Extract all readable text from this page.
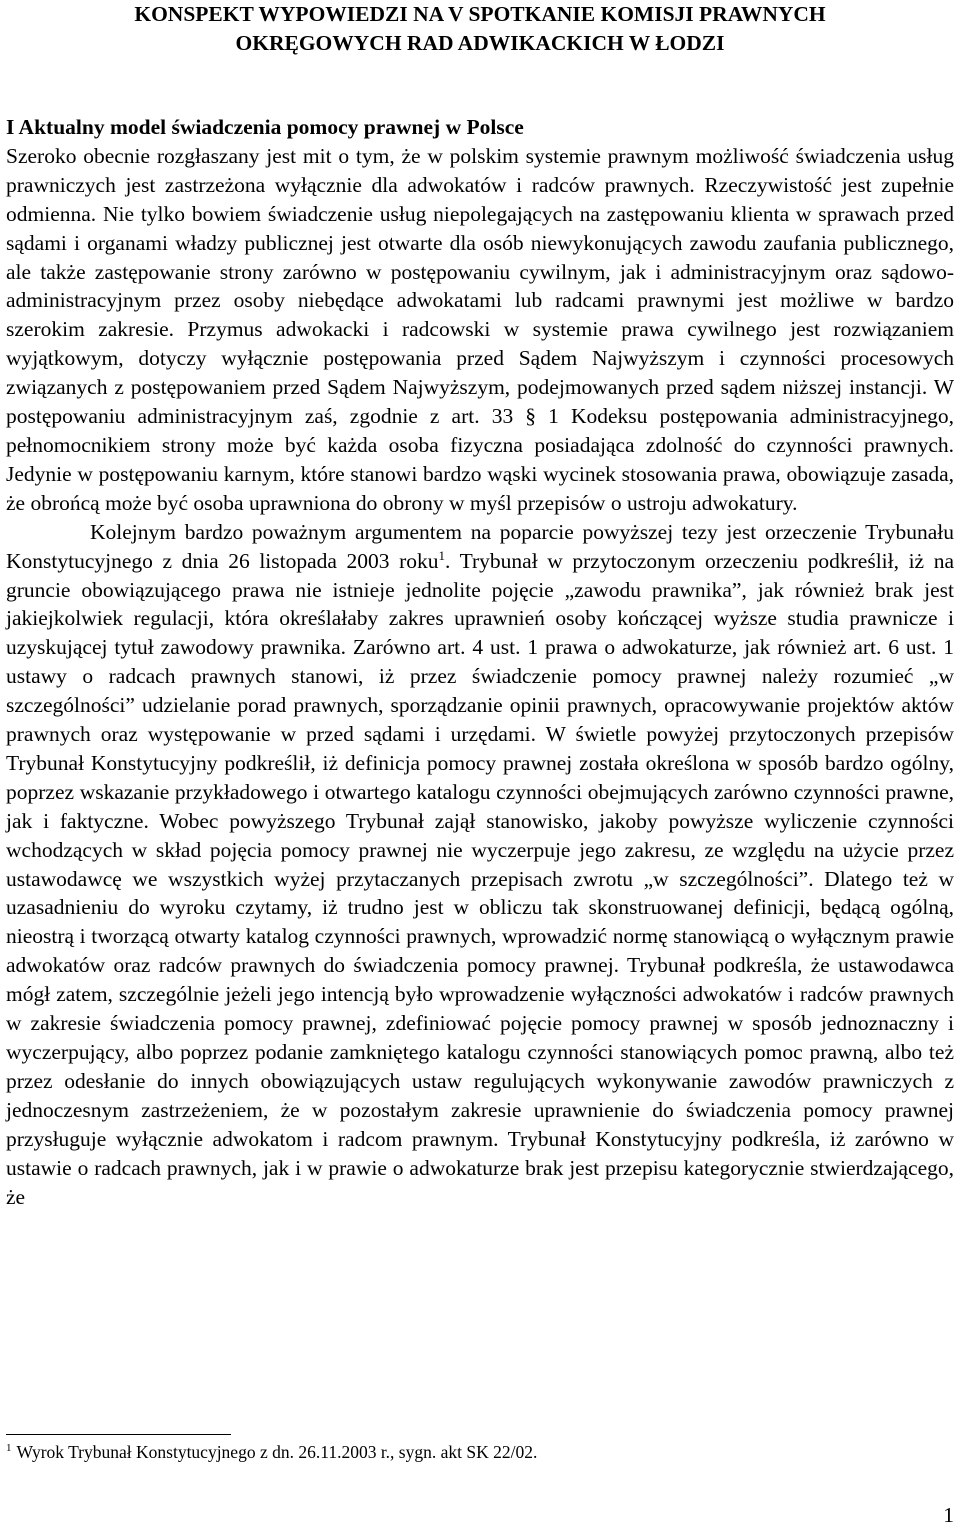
KONSPEKT WYPOWIEDZI NA V SPOTKANIE KOMISJI PRAWNYCH
OKRĘGOWYCH RAD ADWIKACKICH W ŁODZI
I Aktualny model świadczenia pomocy prawnej w Polsce

Szeroko obecnie rozgłaszany jest mit o tym, że w polskim systemie prawnym możliwość świadczenia usług prawniczych jest zastrzeżona wyłącznie dla adwokatów i radców prawnych. Rzeczywistość jest zupełnie odmienna. Nie tylko bowiem świadczenie usług niepolegających na zastępowaniu klienta w sprawach przed sądami i organami władzy publicznej jest otwarte dla osób niewykonujących zawodu zaufania publicznego, ale także zastępowanie strony zarówno w postępowaniu cywilnym, jak i administracyjnym oraz sądowo-administracyjnym przez osoby niebędące adwokatami lub radcami prawnymi jest możliwe w bardzo szerokim zakresie. Przymus adwokacki i radcowski w systemie prawa cywilnego jest rozwiązaniem wyjątkowym, dotyczy wyłącznie postępowania przed Sądem Najwyższym i czynności procesowych związanych z postępowaniem przed Sądem Najwyższym, podejmowanych przed sądem niższej instancji. W postępowaniu administracyjnym zaś, zgodnie z art. 33 § 1 Kodeksu postępowania administracyjnego, pełnomocnikiem strony może być każda osoba fizyczna posiadająca zdolność do czynności prawnych. Jedynie w postępowaniu karnym, które stanowi bardzo wąski wycinek stosowania prawa, obowiązuje zasada, że obrońcą może być osoba uprawniona do obrony w myśl przepisów o ustroju adwokatury.

Kolejnym bardzo poważnym argumentem na poparcie powyższej tezy jest orzeczenie Trybunału Konstytucyjnego z dnia 26 listopada 2003 roku$^1$. Trybunał w przytoczonym orzeczeniu podkreślił, iż na gruncie obowiązującego prawa nie istnieje jednolite pojęcie „zawodu prawnika”, jak również brak jest jakiejkolwiek regulacji, która określałaby zakres uprawnień osoby kończącej wyższe studia prawnicze i uzyskującej tytuł zawodowy prawnika. Zarówno art. 4 ust. 1 prawa o adwokaturze, jak również art. 6 ust. 1 ustawy o radcach prawnych stanowi, iż przez świadczenie pomocy prawnej należy rozumieć „w szczególności” udzielanie porad prawnych, sporządzanie opinii prawnych, opracowywanie projektów aktów prawnych oraz występowanie w przed sądami i urzędami. W świetle powyżej przytoczonych przepisów Trybunał Konstytucyjny podkreślił, iż definicja pomocy prawnej została określona w sposób bardzo ogólny, poprzez wskazanie przykładowego i otwartego katalogu czynności obejmujących zarówno czynności prawne, jak i faktyczne. Wobec powyższego Trybunał zajął stanowisko, jakoby powyższe wyliczenie czynności wchodzących w skład pojęcia pomocy prawnej nie wyczerpuje jego zakresu, ze względu na użycie przez ustawodawcę we wszystkich wyżej przytaczanych przepisach zwrotu „w szczególności”. Dlatego też w uzasadnieniu do wyroku czytamy, iż trudno jest w obliczu tak skonstruowanej definicji, będącą ogólną, nieostrą i tworzącą otwarty katalog czynności prawnych, wprowadzić normę stanowiącą o wyłącznym prawie adwokatów oraz radców prawnych do świadczenia pomocy prawnej. Trybunał podkreśla, że ustawodawca mógł zatem, szczególnie jeżeli jego intencją było wprowadzenie wyłączności adwokatów i radców prawnych w zakresie świadczenia pomocy prawnej, zdefiniować pojęcie pomocy prawnej w sposób jednoznaczny i wyczerpujący, albo poprzez podanie zamkniętego katalogu czynności stanowiących pomoc prawną, albo też przez odesłanie do innych obowiązujących ustaw regulujących wykonywanie zawodów prawniczych z jednoczesnym zastrzeżeniem, że w pozostałym zakresie uprawnienie do świadczenia pomocy prawnej przysługuje wyłącznie adwokatom i radcom prawnym. Trybunał Konstytucyjny podkreśla, iż zarówno w ustawie o radcach prawnych, jak i w prawie o adwokaturze brak jest przepisu kategorycznie stwierdzającego, że

$^1$ Wyrok Trybunał Konstytucyjnego z dn. 26.11.2003 r., sygn. akt SK 22/02.
1
